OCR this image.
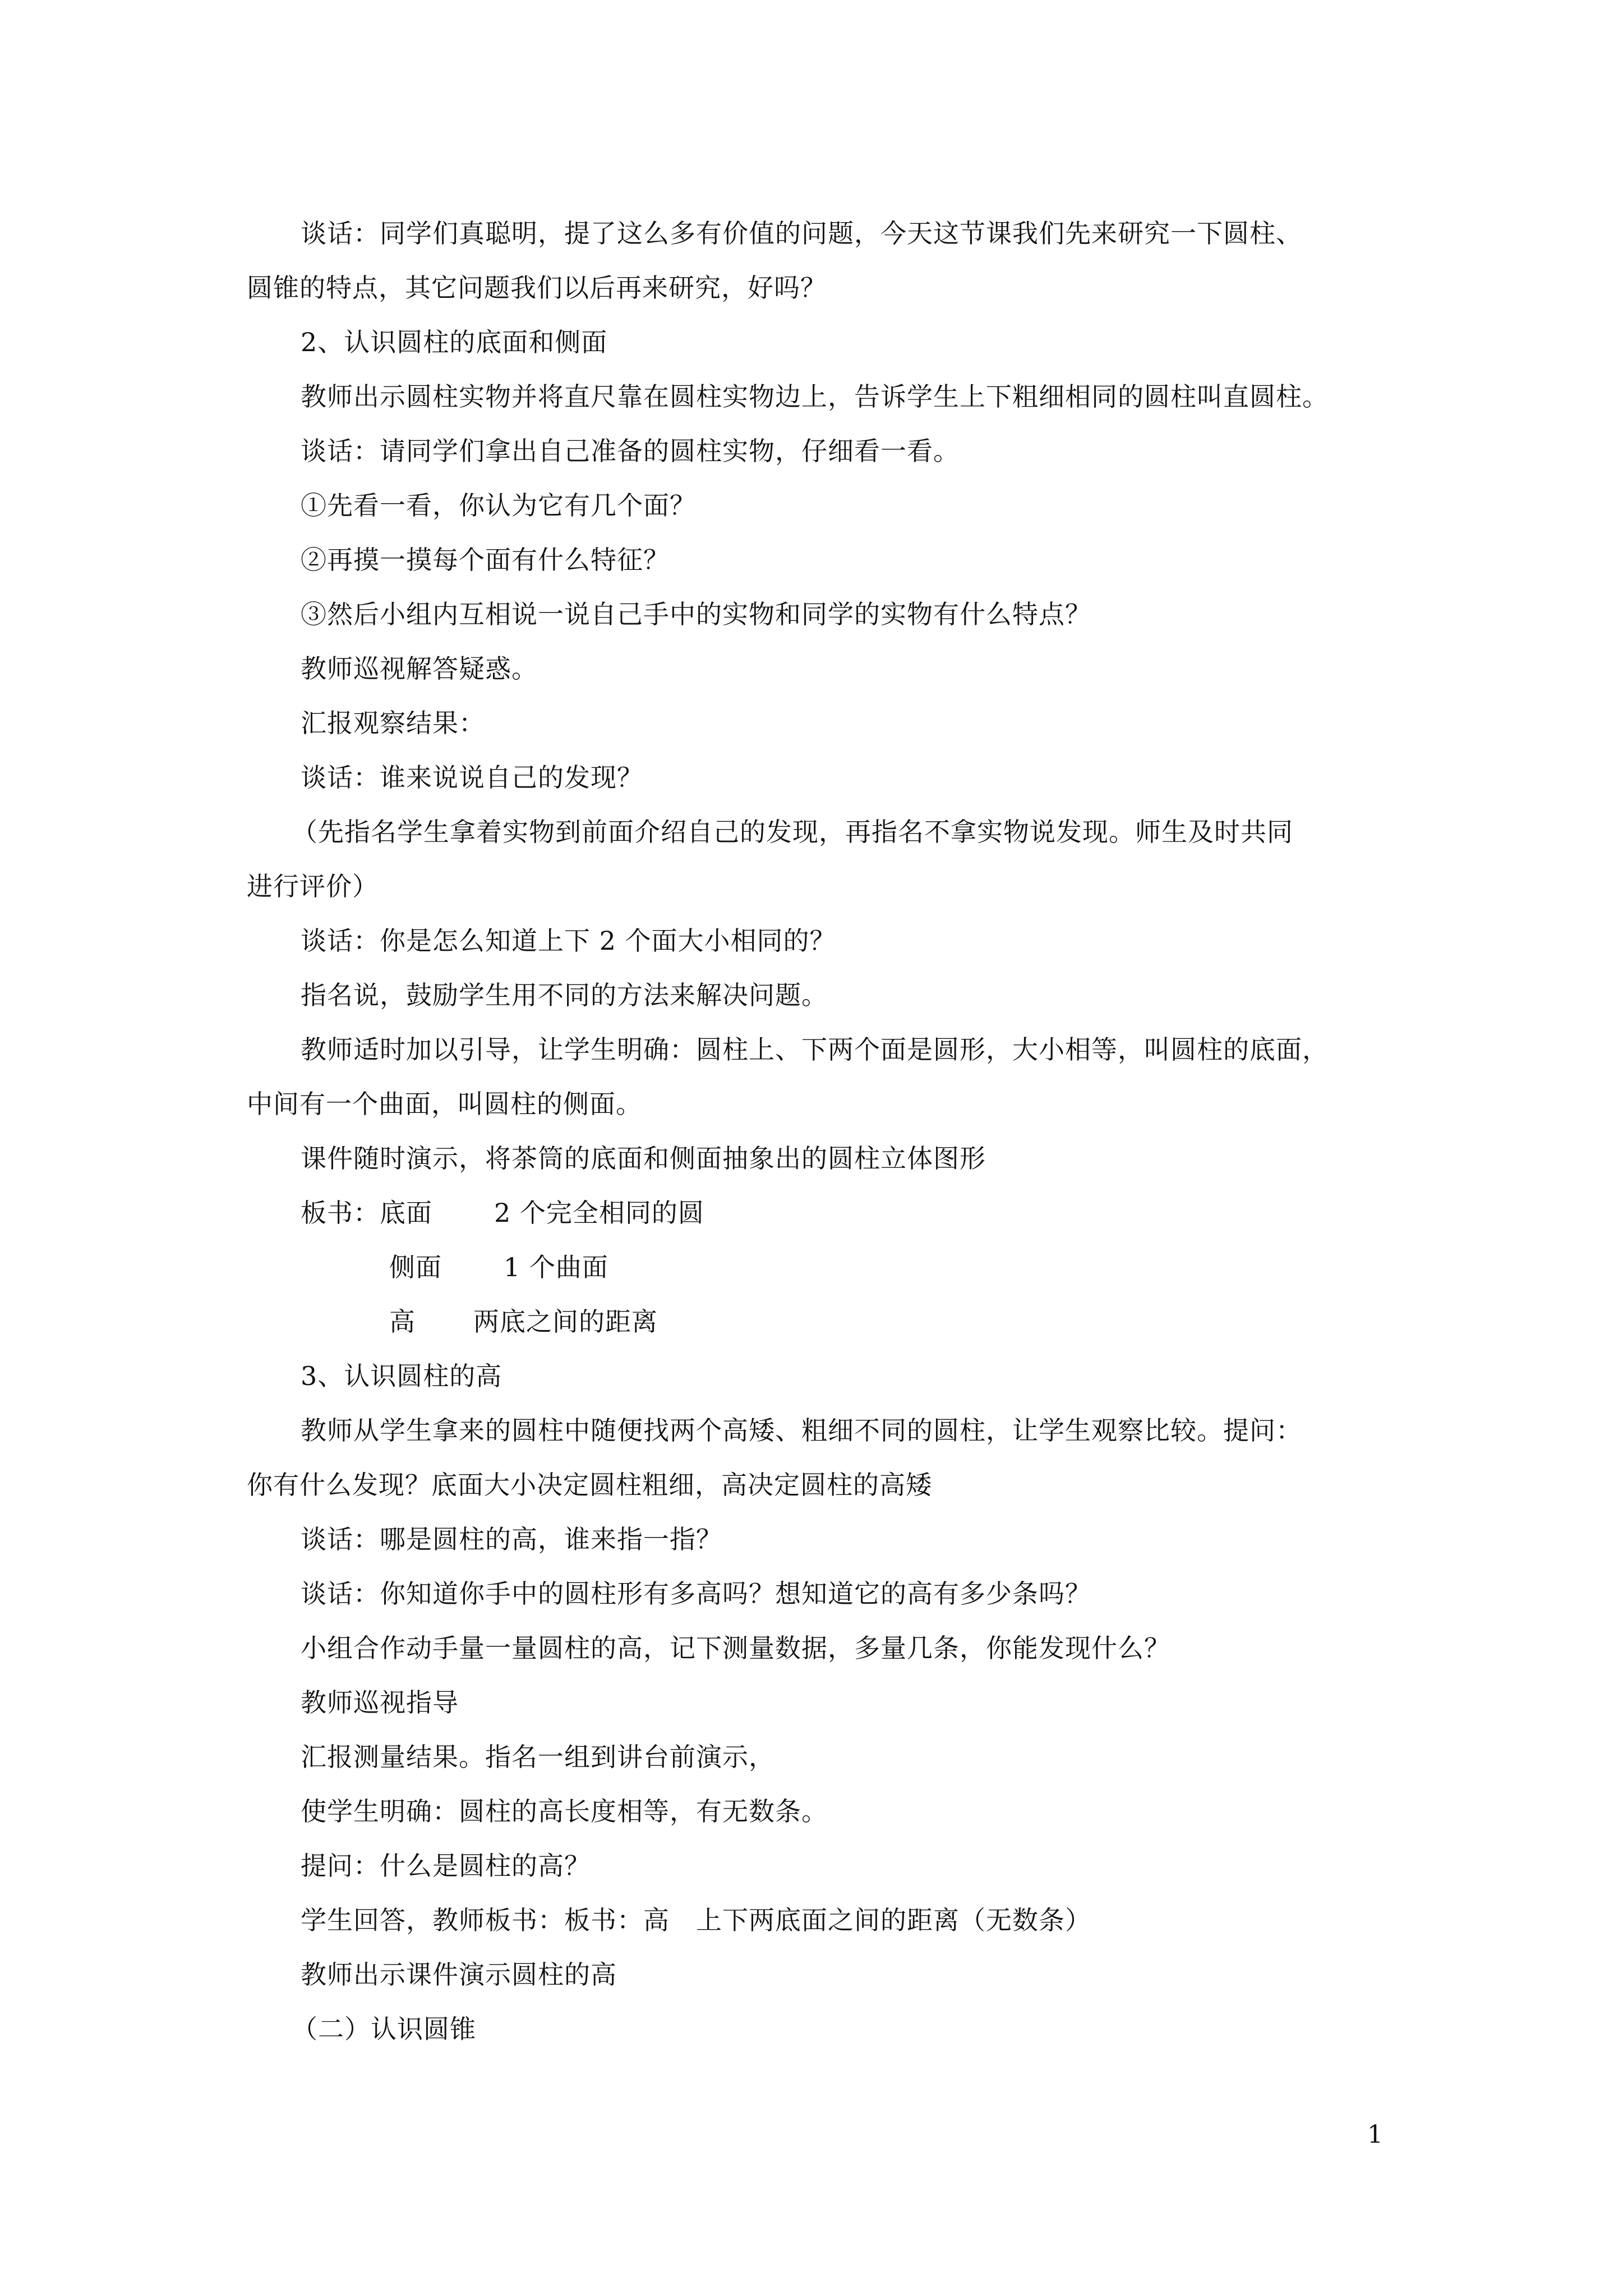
谈话：同学们真聪明，提了这么多有价值的问题，今天这节课我们先来研究一下圆柱、
圆锥的特点，其它问题我们以后再来研究，好吗？
2、认识圆柱的底面和侧面
教师出示圆柱实物并将直尺靠在圆柱实物边上，告诉学生上下粗细相同的圆柱叫直圆柱。
谈话：请同学们拿出自己准备的圆柱实物，仔细看一看。
①先看一看，你认为它有几个面？
②再摸一摸每个面有什么特征？
③然后小组内互相说一说自己手中的实物和同学的实物有什么特点？
教师巡视解答疑惑。
汇报观察结果：
谈话：谁来说说自己的发现？
（先指名学生拿着实物到前面介绍自己的发现，再指名不拿实物说发现。师生及时共同
进行评价）
谈话：你是怎么知道上下 2 个面大小相同的？
指名说，鼓励学生用不同的方法来解决问题。
教师适时加以引导，让学生明确：圆柱上、下两个面是圆形，大小相等，叫圆柱的底面，
中间有一个曲面，叫圆柱的侧面。
课件随时演示，将茶筒的底面和侧面抽象出的圆柱立体图形
板书：底面 2 个完全相同的圆
侧面 1 个曲面
高 两底之间的距离
3、认识圆柱的高
教师从学生拿来的圆柱中随便找两个高矮、粗细不同的圆柱，让学生观察比较。提问：
你有什么发现？底面大小决定圆柱粗细，高决定圆柱的高矮
谈话：哪是圆柱的高，谁来指一指？
谈话：你知道你手中的圆柱形有多高吗？想知道它的高有多少条吗？
小组合作动手量一量圆柱的高，记下测量数据，多量几条，你能发现什么？
教师巡视指导
汇报测量结果。指名一组到讲台前演示，
使学生明确：圆柱的高长度相等，有无数条。
提问：什么是圆柱的高？
学生回答，教师板书：板书：高　上下两底面之间的距离（无数条）
教师出示课件演示圆柱的高
（二）认识圆锥
1
